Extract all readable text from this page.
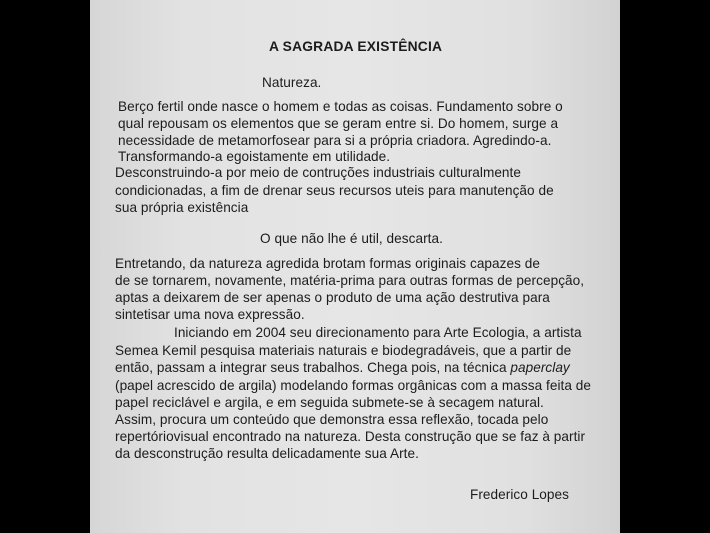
A SAGRADA EXISTÊNCIA
Natureza.
Berço fertil onde nasce o homem e todas as coisas. Fundamento sobre o
qual repousam os elementos que se geram entre si. Do homem, surge a
necessidade de metamorfosear para si a própria criadora. Agredindo-a.
Transformando-a egoistamente em utilidade.
Desconstruindo-a por meio de contruções industriais culturalmente
condicionadas, a fim de drenar seus recursos uteis para manutenção de
sua própria existência
O que não lhe é util, descarta.
Entretando, da natureza agredida brotam formas originais capazes de
de se tornarem, novamente, matéria-prima para outras formas de percepção,
aptas a deixarem de ser apenas o produto de uma ação destrutiva para
sintetisar uma nova expressão.
Iniciando em 2004 seu direcionamento para Arte Ecologia, a artista
Semea Kemil pesquisa materiais naturais e biodegradáveis, que a partir de
então, passam a integrar seus trabalhos. Chega pois, na técnica paperclay
(papel acrescido de argila) modelando formas orgânicas com a massa feita de
papel reciclável e argila, e em seguida submete-se à secagem natural.
Assim, procura um conteúdo que demonstra essa reflexão, tocada pelo
repertóriovisual encontrado na natureza. Desta construção que se faz à partir
da desconstrução resulta delicadamente sua Arte.
Frederico Lopes
